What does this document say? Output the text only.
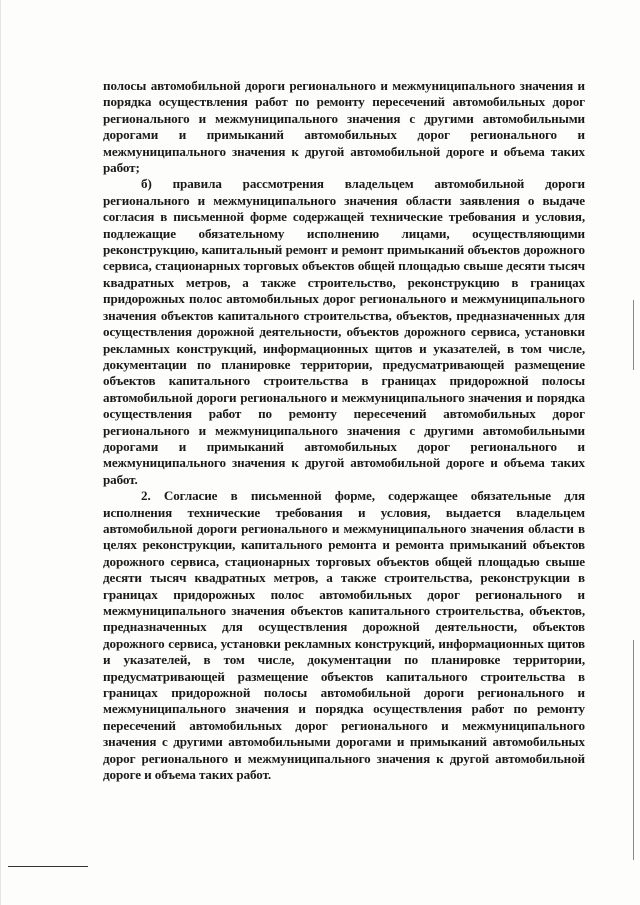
полосы автомобильной дороги регионального и межмуниципального значения и порядка осуществления работ по ремонту пересечений автомобильных дорог регионального и межмуниципального значения с другими автомобильными дорогами и примыканий автомобильных дорог регионального и межмуниципального значения к другой автомобильной дороге и объема таких работ;

б) правила рассмотрения владельцем автомобильной дороги регионального и межмуниципального значения области заявления о выдаче согласия в письменной форме содержащей технические требования и условия, подлежащие обязательному исполнению лицами, осуществляющими реконструкцию, капитальный ремонт и ремонт примыканий объектов дорожного сервиса, стационарных торговых объектов общей площадью свыше десяти тысяч квадратных метров, а также строительство, реконструкцию в границах придорожных полос автомобильных дорог регионального и межмуниципального значения объектов капитального строительства, объектов, предназначенных для осуществления дорожной деятельности, объектов дорожного сервиса, установки рекламных конструкций, информационных щитов и указателей, в том числе, документации по планировке территории, предусматривающей размещение объектов капитального строительства в границах придорожной полосы автомобильной дороги регионального и межмуниципального значения и порядка осуществления работ по ремонту пересечений автомобильных дорог регионального и межмуниципального значения с другими автомобильными дорогами и примыканий автомобильных дорог регионального и межмуниципального значения к другой автомобильной дороге и объема таких работ.

2. Согласие в письменной форме, содержащее обязательные для исполнения технические требования и условия, выдается владельцем автомобильной дороги регионального и межмуниципального значения области в целях реконструкции, капитального ремонта и ремонта примыканий объектов дорожного сервиса, стационарных торговых объектов общей площадью свыше десяти тысяч квадратных метров, а также строительства, реконструкции в границах придорожных полос автомобильных дорог регионального и межмуниципального значения объектов капитального строительства, объектов, предназначенных для осуществления дорожной деятельности, объектов дорожного сервиса, установки рекламных конструкций, информационных щитов и указателей, в том числе, документации по планировке территории, предусматривающей размещение объектов капитального строительства в границах придорожной полосы автомобильной дороги регионального и межмуниципального значения и порядка осуществления работ по ремонту пересечений автомобильных дорог регионального и межмуниципального значения с другими автомобильными дорогами и примыканий автомобильных дорог регионального и межмуниципального значения к другой автомобильной дороге и объема таких работ.
